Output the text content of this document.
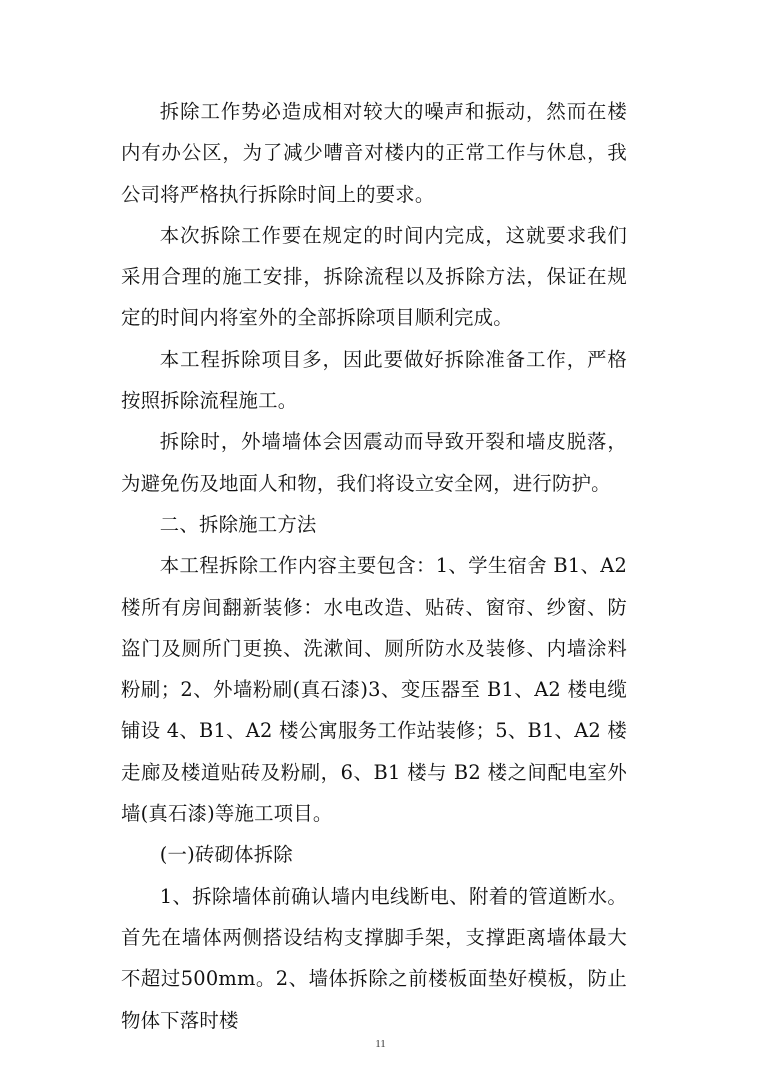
拆除工作势必造成相对较大的噪声和振动，然而在楼内有办公区，为了减少嘈音对楼内的正常工作与休息，我公司将严格执行拆除时间上的要求。

本次拆除工作要在规定的时间内完成，这就要求我们采用合理的施工安排，拆除流程以及拆除方法，保证在规定的时间内将室外的全部拆除项目顺利完成。

本工程拆除项目多，因此要做好拆除准备工作，严格按照拆除流程施工。

拆除时，外墙墙体会因震动而导致开裂和墙皮脱落，为避免伤及地面人和物，我们将设立安全网，进行防护。

二、拆除施工方法

本工程拆除工作内容主要包含：1、学生宿舍 B1、A2 楼所有房间翻新装修：水电改造、贴砖、窗帘、纱窗、防盗门及厕所门更换、洗漱间、厕所防水及装修、内墙涂料粉刷；2、外墙粉刷(真石漆)3、变压器至 B1、A2 楼电缆铺设 4、B1、A2 楼公寓服务工作站装修；5、B1、A2 楼走廊及楼道贴砖及粉刷，6、B1 楼与 B2 楼之间配电室外墙(真石漆)等施工项目。

(一)砖砌体拆除

1、拆除墙体前确认墙内电线断电、附着的管道断水。首先在墙体两侧搭设结构支撑脚手架，支撑距离墙体最大不超过500mm。2、墙体拆除之前楼板面垫好模板，防止物体下落时楼

11
